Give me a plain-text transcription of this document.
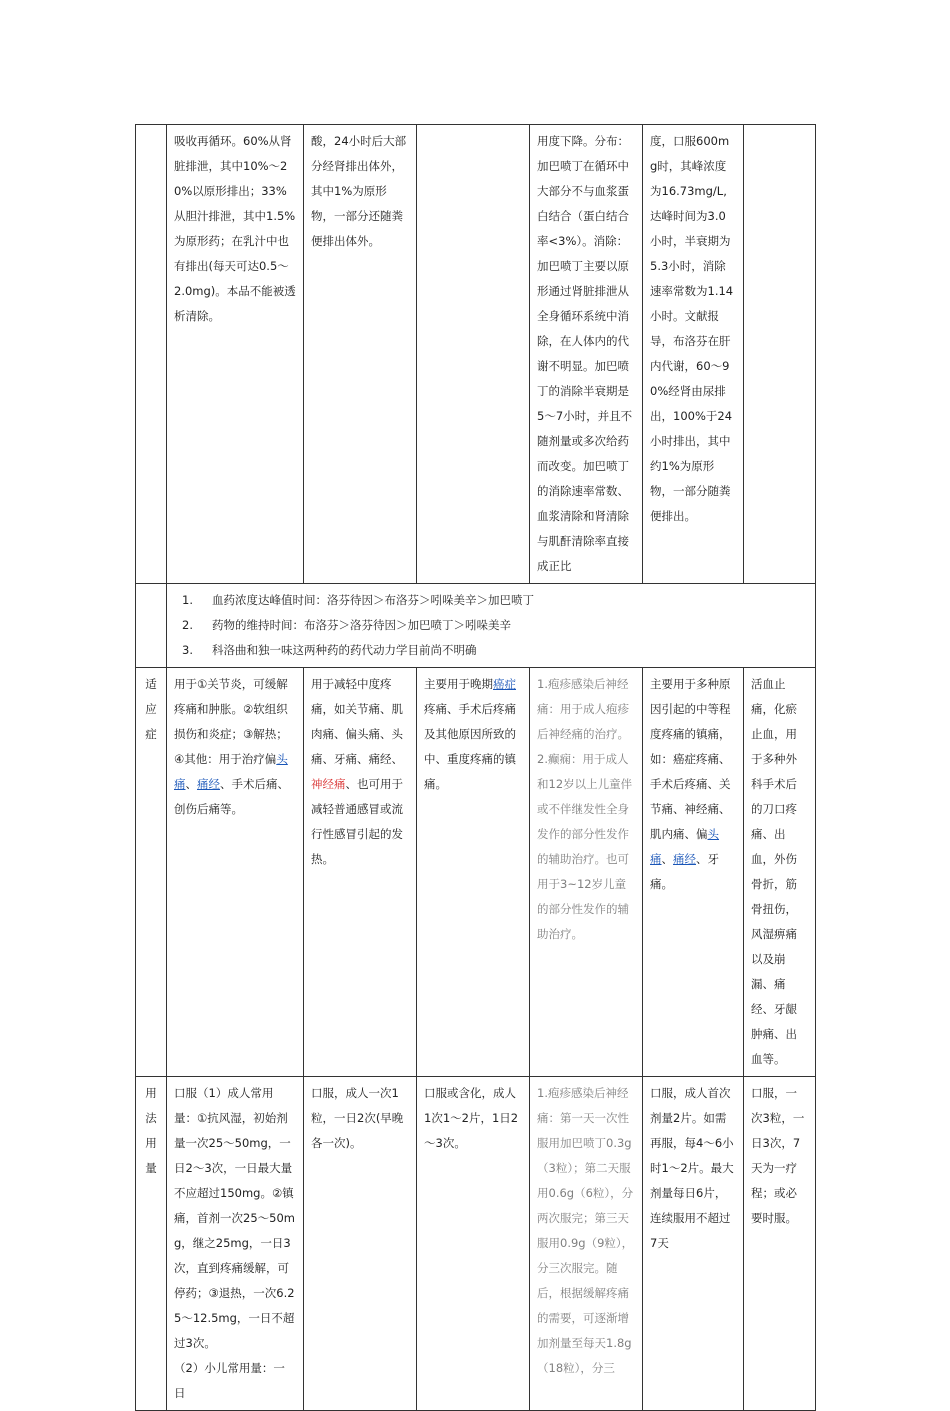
	吸收再循环。60%从肾脏排泄，其中10%～20%以原形排出；33%从胆汁排泄，其中1.5%为原形药；在乳汁中也有排出(每天可达0.5～2.0mg)。本品不能被透析清除。	酸，24小时后大部分经肾排出体外，其中1%为原形物，一部分还随粪便排出体外。		用度下降。分布： 加巴喷丁在循环中大部分不与血浆蛋白结合（蛋白结合率<3%）。消除： 加巴喷丁主要以原形通过肾脏排泄从全身循环系统中消除，在人体内的代谢不明显。加巴喷丁的消除半衰期是5～7小时，并且不随剂量或多次给药而改变。加巴喷丁的消除速率常数、血浆清除和肾清除与肌酐清除率直接成正比	度，口服600mg时，其峰浓度为16.73mg/L,达峰时间为3.0小时，半衰期为5.3小时，消除速率常数为1.14小时。文献报导，布洛芬在肝内代谢，60～90%经肾由尿排出，100%于24小时排出，其中约1%为原形物，一部分随粪便排出。	

	1. 血药浓度达峰值时间：洛芬待因＞布洛芬＞吲哚美辛＞加巴喷丁

2. 药物的维持时间：布洛芬＞洛芬待因＞加巴喷丁＞吲哚美辛

3. 科洛曲和独一味这两种药的药代动力学目前尚不明确					

适应症	用于①关节炎，可缓解疼痛和肿胀。②软组织损伤和炎症；③解热；④其他：用于治疗偏头痛、痛经、手术后痛、创伤后痛等。	用于减轻中度疼痛，如关节痛、肌肉痛、偏头痛、头痛、牙痛、痛经、神经痛、也可用于减轻普通感冒或流行性感冒引起的发热。	主要用于晚期癌症疼痛、手术后疼痛及其他原因所致的中、重度疼痛的镇痛。	1.疱疹感染后神经痛：用于成人疱疹后神经痛的治疗。2.癫痫：用于成人和12岁以上儿童伴或不伴继发性全身发作的部分性发作的辅助治疗。也可用于3~12岁儿童的部分性发作的辅助治疗。	主要用于多种原因引起的中等程度疼痛的镇痛，如：癌症疼痛、手术后疼痛、关节痛、神经痛、肌内痛、偏头痛、痛经、牙痛。	活血止痛，化瘀止血，用于多种外科手术后的刀口疼痛、出血，外伤骨折，筋骨扭伤，风湿痹痛以及崩漏、痛经、牙龈肿痛、出血等。
用法用量	口服（1）成人常用量：①抗风湿，初始剂量一次25～50mg，一日2～3次，一日最大量不应超过150mg。②镇痛，首剂一次25～50mg，继之25mg，一日3次，直到疼痛缓解，可停药；③退热，一次6.25～12.5mg，一日不超过3次。
（2）小儿常用量：一日	口服，成人一次1粒，一日2次(早晚各一次)。	口服或含化，成人1次1～2片，1日2～3次。	1.疱疹感染后神经痛：第一天一次性服用加巴喷丁0.3g（3粒）；第二天服用0.6g（6粒），分两次服完；第三天服用0.9g（9粒），分三次服完。随后，根据缓解疼痛的需要，可逐渐增加剂量至每天1.8g（18粒），分三	口服，成人首次剂量2片。如需再服，每4～6小时1～2片。最大剂量每日6片，连续服用不超过7天	口服，一次3粒，一日3次，7天为一疗程；或必要时服。
